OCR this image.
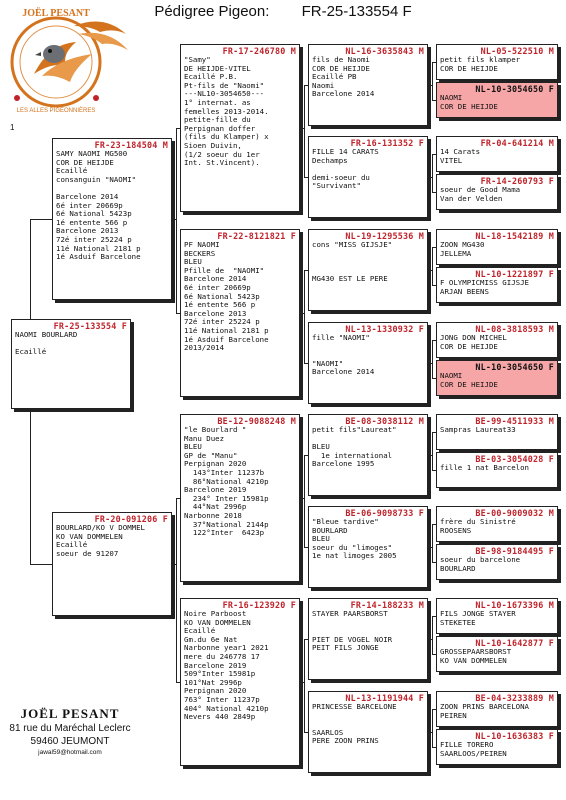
Pédigree Pigeon: FR-25-133554 F
JOËL PESANT
LES ALLES PIGEONNIÈRES
1
FR-25-133554 F
NAOMI BOURLARD

Ecaillé
FR-23-184504 M
SAMY NAOMI MG500
COR DE HEIJDE
Ecaillé
consanguin "NAOMI"

Barcelone 2014
6é inter 20669p
6é National 5423p
1é entente 566 p
Barcelone 2013
72é inter 25224 p
11é National 2181 p
1é Asduif Barcelone
FR-20-091206 F
BOURLARD/KO V DOMMEL
KO VAN DOMMELEN
Ecaillé
soeur de 91207
FR-17-246780 M
"Samy"
DE HEIJDE-VITEL
Ecaillé P.B.
Pt-fils de "Naomi"
---NL10-3054650---
1° internat. as
femelles 2013-2014.
petite-fille du
Perpignan doffer
(fils du Klamper) x
Sioen Duivin,
(1/2 soeur du 1er
Int. St.Vincent).
FR-22-8121821 F
PF NAOMI
BECKERS
BLEU
Pfille de  "NAOMI"
Barcelone 2014
6é inter 20669p
6é National 5423p
1é entente 566 p
Barcelone 2013
72é inter 25224 p
11é National 2181 p
1é Asduif Barcelone
2013/2014
BE-12-9088248 M
"le Bourlard "
Manu Duez
BLEU
GP de "Manu"
Perpignan 2020
143°Inter 11237b
86°National 4210p
Barcelone 2019
234° Inter 15981p
44°Nat 2996p
Narbonne 2018
37°National 2144p
122°Inter  6423p
FR-16-123920 F
Noire Parboost
KO VAN DOMMELEN
Ecaillé
Gm.du 6e Nat
Narbonne year1 2021
mere du 246778 17
Barcelone 2019
509°Inter 15981p
101°Nat 2996p
Perpignan 2020
763° Inter 11237p
404° National 4210p
Nevers 440 2849p
NL-16-3635843 M
fils de Naomi
COR DE HEIJDE
Ecaillé PB
Naomi
Barcelone 2014
FR-16-131352 F
FILLE 14 CARATS
Dechamps

demi-soeur du
"Survivant"
NL-19-1295536 M
cons "MISS GIJSJE"

MG430 EST LE PERE
NL-13-1330932 F
fille "NAOMI"

"NAOMI"
Barcelone 2014
BE-08-3038112 M
petit fils"Laureat"

BLEU
1e international
Barcelone 1995
BE-06-9098733 F
"Bleue tardive"
BOURLARD
BLEU
soeur du "limoges"
1e nat limoges 2005
FR-14-188233 M
STAYER PAARSBORST

PIET DE VOGEL NOIR
PEIT FILS JONGE
NL-13-1191944 F
PRINCESSE BARCELONE

SAARLOS
PERE ZOON PRINS
NL-05-522510 M
petit fils klamper
COR DE HEIJDE
NL-10-3054650 F
NAOMI
COR DE HEIJDE
FR-04-641214 M
14 Carats
VITEL
FR-14-260793 F
soeur de Good Mama
Van der Velden
NL-18-1542189 M
ZOON MG430
JELLEMA
NL-10-1221897 F
F OLYMPICMISS GIJSJE
ARJAN BEENS
NL-08-3818593 M
JONG DON MICHEL
COR DE HEIJDE
NL-10-3054650 F
NAOMI
COR DE HEIJDE
BE-99-4511933 M
Sampras Laureat33

BE-03-3054028 F
fille 1 nat Barcelon

BE-00-9009032 M
frère du Sinistré
ROOSENS
BE-98-9184495 F
soeur du barcelone
BOURLARD
NL-10-1673396 M
FILS JONGE STAYER
STEKETEE
NL-10-1642877 F
GROSSEPAARSBORST
KO VAN DOMMELEN
BE-04-3233889 M
ZOON PRINS BARCELONA
PEIREN
NL-10-1636383 F
FILLE TORERO
SAARLOOS/PEIREN
JOËL PESANT
81 rue du Maréchal Leclerc
59460 JEUMONT
jawal59@hotmail.com
